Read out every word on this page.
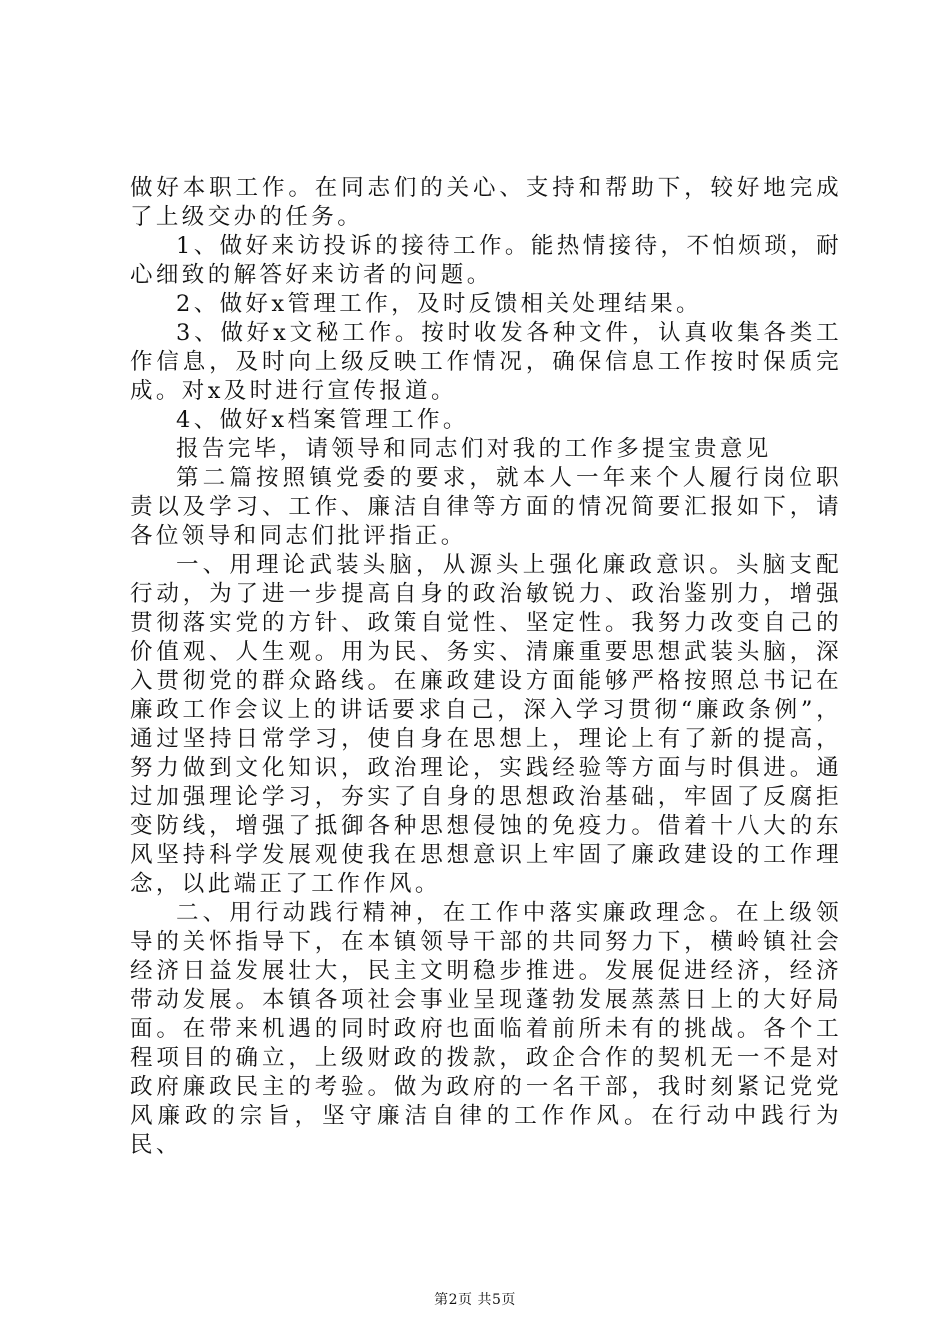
做好本职工作。在同志们的关心、支持和帮助下，较好地完成了上级交办的任务。

1、做好来访投诉的接待工作。能热情接待，不怕烦琐，耐心细致的解答好来访者的问题。

2、做好x管理工作，及时反馈相关处理结果。

3、做好x文秘工作。按时收发各种文件，认真收集各类工作信息，及时向上级反映工作情况，确保信息工作按时保质完成。对x及时进行宣传报道。

4、做好x档案管理工作。

报告完毕，请领导和同志们对我的工作多提宝贵意见

第二篇按照镇党委的要求，就本人一年来个人履行岗位职责以及学习、工作、廉洁自律等方面的情况简要汇报如下，请各位领导和同志们批评指正。

一、用理论武装头脑，从源头上强化廉政意识。头脑支配行动，为了进一步提高自身的政治敏锐力、政治鉴别力，增强贯彻落实党的方针、政策自觉性、坚定性。我努力改变自己的价值观、人生观。用为民、务实、清廉重要思想武装头脑，深入贯彻党的群众路线。在廉政建设方面能够严格按照总书记在廉政工作会议上的讲话要求自己，深入学习贯彻“廉政条例”，通过坚持日常学习，使自身在思想上，理论上有了新的提高，努力做到文化知识，政治理论，实践经验等方面与时俱进。通过加强理论学习，夯实了自身的思想政治基础，牢固了反腐拒变防线，增强了抵御各种思想侵蚀的免疫力。借着十八大的东风坚持科学发展观使我在思想意识上牢固了廉政建设的工作理念，以此端正了工作作风。

二、用行动践行精神，在工作中落实廉政理念。在上级领导的关怀指导下，在本镇领导干部的共同努力下，横岭镇社会经济日益发展壮大，民主文明稳步推进。发展促进经济，经济带动发展。本镇各项社会事业呈现蓬勃发展蒸蒸日上的大好局面。在带来机遇的同时政府也面临着前所未有的挑战。各个工程项目的确立，上级财政的拨款，政企合作的契机无一不是对政府廉政民主的考验。做为政府的一名干部，我时刻紧记党党风廉政的宗旨，坚守廉洁自律的工作作风。在行动中践行为民、

第2页 共5页
